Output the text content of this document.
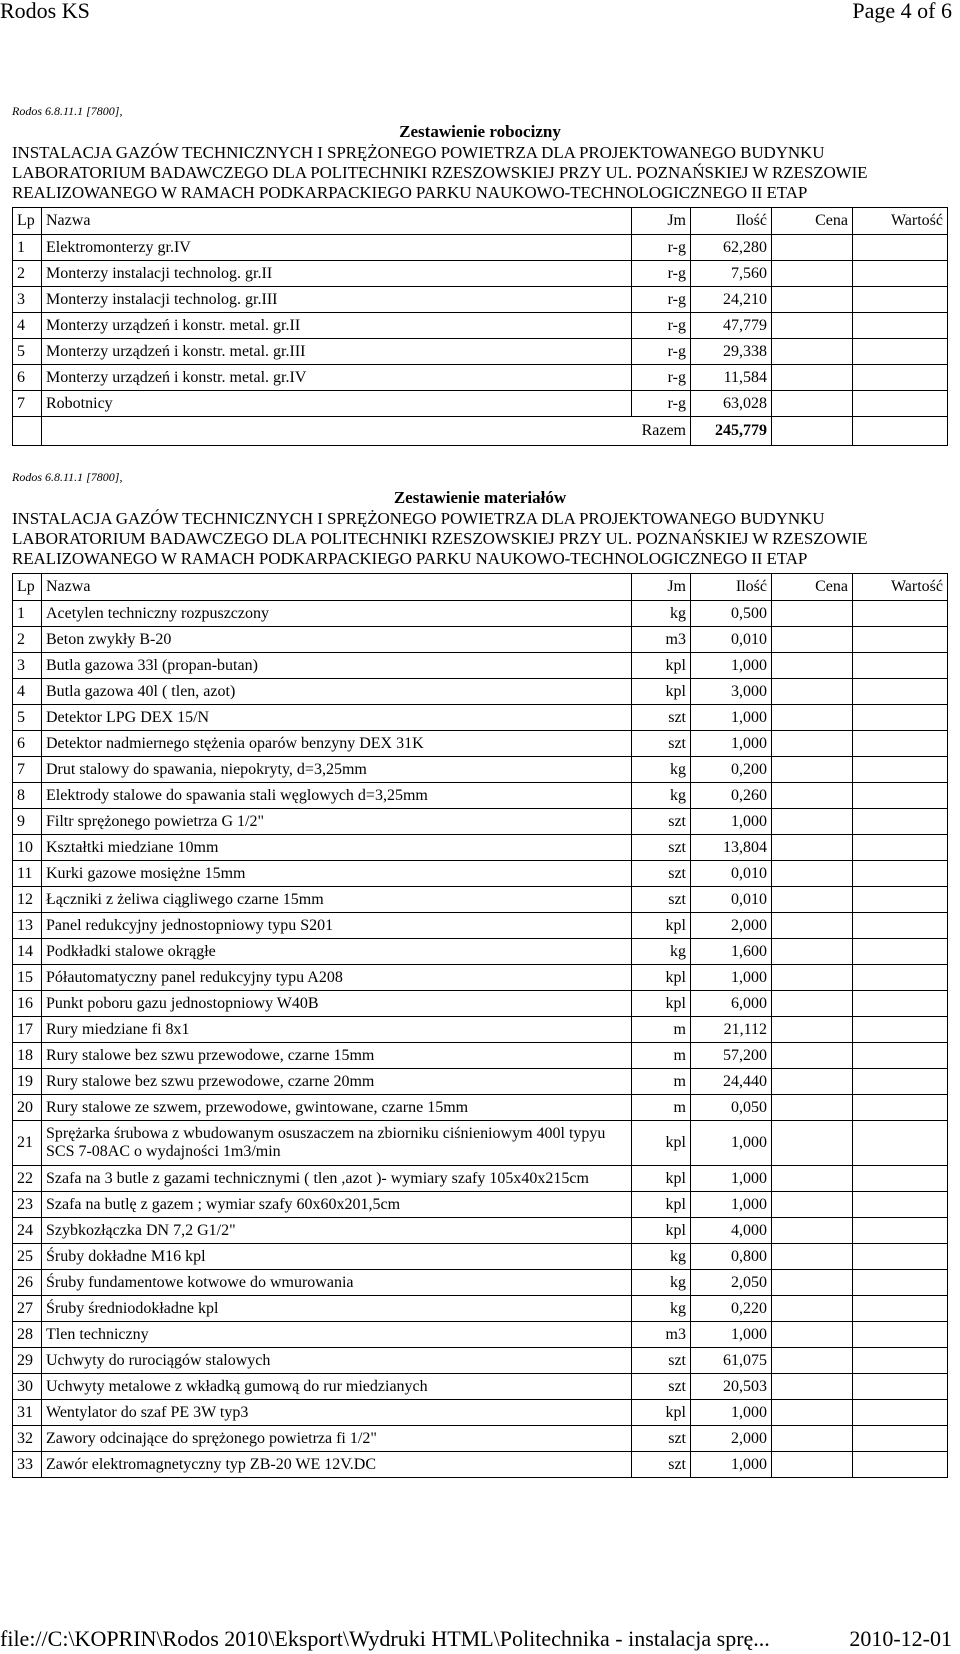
Rodos KS	Page 4 of 6
Rodos 6.8.11.1 [7800],
Zestawienie robocizny
INSTALACJA GAZÓW TECHNICZNYCH I SPRĘŻONEGO POWIETRZA DLA PROJEKTOWANEGO BUDYNKU LABORATORIUM BADAWCZEGO DLA POLITECHNIKI RZESZOWSKIEJ PRZY UL. POZNAŃSKIEJ W RZESZOWIE REALIZOWANEGO W RAMACH PODKARPACKIEGO PARKU NAUKOWO-TECHNOLOGICZNEGO II ETAP
Lp	Nazwa	Jm	Ilość	Cena	Wartość
1	Elektromonterzy gr.IV	r-g	62,280		
2	Monterzy instalacji technolog. gr.II	r-g	7,560		
3	Monterzy instalacji technolog. gr.III	r-g	24,210		
4	Monterzy urządzeń i konstr. metal. gr.II	r-g	47,779		
5	Monterzy urządzeń i konstr. metal. gr.III	r-g	29,338		
6	Monterzy urządzeń i konstr. metal. gr.IV	r-g	11,584		
7	Robotnicy	r-g	63,028		
	Razem		245,779		
Rodos 6.8.11.1 [7800],
Zestawienie materiałów
INSTALACJA GAZÓW TECHNICZNYCH I SPRĘŻONEGO POWIETRZA DLA PROJEKTOWANEGO BUDYNKU LABORATORIUM BADAWCZEGO DLA POLITECHNIKI RZESZOWSKIEJ PRZY UL. POZNAŃSKIEJ W RZESZOWIE REALIZOWANEGO W RAMACH PODKARPACKIEGO PARKU NAUKOWO-TECHNOLOGICZNEGO II ETAP
Lp	Nazwa	Jm	Ilość	Cena	Wartość
1	Acetylen techniczny rozpuszczony	kg	0,500		
2	Beton zwykły B-20	m3	0,010		
3	Butla gazowa 33l (propan-butan)	kpl	1,000		
4	Butla gazowa 40l ( tlen, azot)	kpl	3,000		
5	Detektor LPG DEX 15/N	szt	1,000		
6	Detektor nadmiernego stężenia oparów benzyny DEX 31K	szt	1,000		
7	Drut stalowy do spawania, niepokryty, d=3,25mm	kg	0,200		
8	Elektrody stalowe do spawania stali węglowych d=3,25mm	kg	0,260		
9	Filtr sprężonego powietrza G 1/2"	szt	1,000		
10	Kształtki miedziane 10mm	szt	13,804		
11	Kurki gazowe mosiężne 15mm	szt	0,010		
12	Łączniki z żeliwa ciągliwego czarne 15mm	szt	0,010		
13	Panel redukcyjny jednostopniowy typu S201	kpl	2,000		
14	Podkładki stalowe okrągłe	kg	1,600		
15	Półautomatyczny panel redukcyjny typu A208	kpl	1,000		
16	Punkt poboru gazu jednostopniowy W40B	kpl	6,000		
17	Rury miedziane fi 8x1	m	21,112		
18	Rury stalowe bez szwu przewodowe, czarne 15mm	m	57,200		
19	Rury stalowe bez szwu przewodowe, czarne 20mm	m	24,440		
20	Rury stalowe ze szwem, przewodowe, gwintowane, czarne 15mm	m	0,050		
21	Sprężarka śrubowa z wbudowanym osuszaczem na zbiorniku ciśnieniowym 400l typyu SCS 7-08AC o wydajności 1m3/min	kpl	1,000		
22	Szafa na 3 butle z gazami technicznymi ( tlen ,azot )- wymiary szafy 105x40x215cm	kpl	1,000		
23	Szafa na butlę z gazem ; wymiar szafy 60x60x201,5cm	kpl	1,000		
24	Szybkozłączka DN 7,2 G1/2"	kpl	4,000		
25	Śruby dokładne M16 kpl	kg	0,800		
26	Śruby fundamentowe kotwowe do wmurowania	kg	2,050		
27	Śruby średniodokładne kpl	kg	0,220		
28	Tlen techniczny	m3	1,000		
29	Uchwyty do rurociągów stalowych	szt	61,075		
30	Uchwyty metalowe z wkładką gumową do rur miedzianych	szt	20,503		
31	Wentylator do szaf PE 3W typ3	kpl	1,000		
32	Zawory odcinające do sprężonego powietrza fi 1/2"	szt	2,000		
33	Zawór elektromagnetyczny typ ZB-20 WE 12V.DC	szt	1,000		
file://C:\KOPRIN\Rodos 2010\Eksport\Wydruki HTML\Politechnika - instalacja sprę...	2010-12-01
